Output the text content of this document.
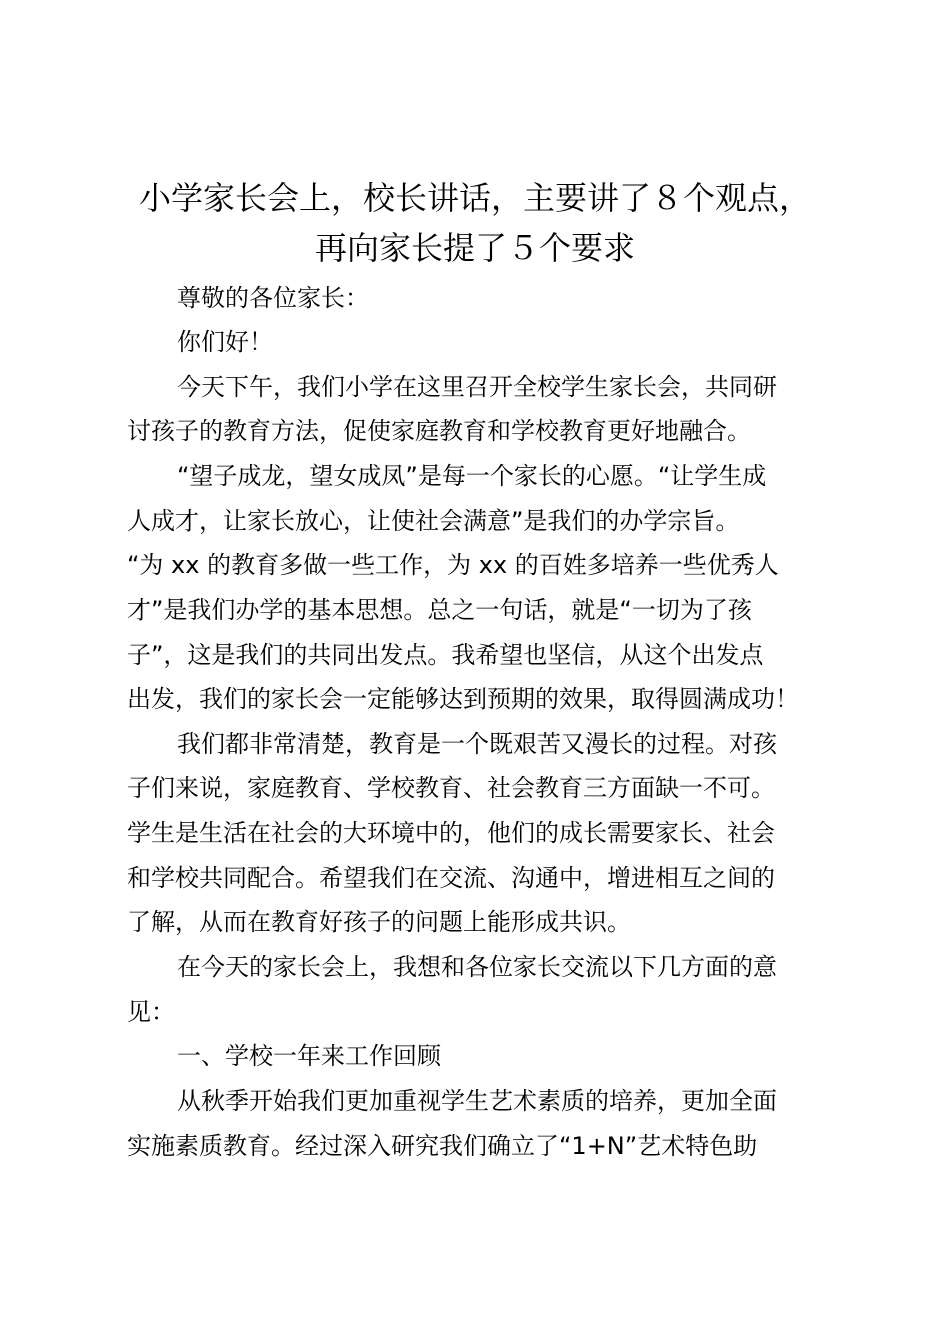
小学家长会上，校长讲话，主要讲了８个观点，
再向家长提了５个要求

尊敬的各位家长：

你们好！

今天下午，我们小学在这里召开全校学生家长会，共同研

讨孩子的教育方法，促使家庭教育和学校教育更好地融合。

“望子成龙，望女成凤”是每一个家长的心愿。“让学生成

人成才，让家长放心，让使社会满意”是我们的办学宗旨。

“为 xx 的教育多做一些工作，为 xx 的百姓多培养一些优秀人

才”是我们办学的基本思想。总之一句话，就是“一切为了孩

子”，这是我们的共同出发点。我希望也坚信，从这个出发点

出发，我们的家长会一定能够达到预期的效果，取得圆满成功！

我们都非常清楚，教育是一个既艰苦又漫长的过程。对孩

子们来说，家庭教育、学校教育、社会教育三方面缺一不可。

学生是生活在社会的大环境中的，他们的成长需要家长、社会

和学校共同配合。希望我们在交流、沟通中，增进相互之间的

了解，从而在教育好孩子的问题上能形成共识。

在今天的家长会上，我想和各位家长交流以下几方面的意

见：

一、学校一年来工作回顾

从秋季开始我们更加重视学生艺术素质的培养，更加全面

实施素质教育。经过深入研究我们确立了“1+N”艺术特色助
